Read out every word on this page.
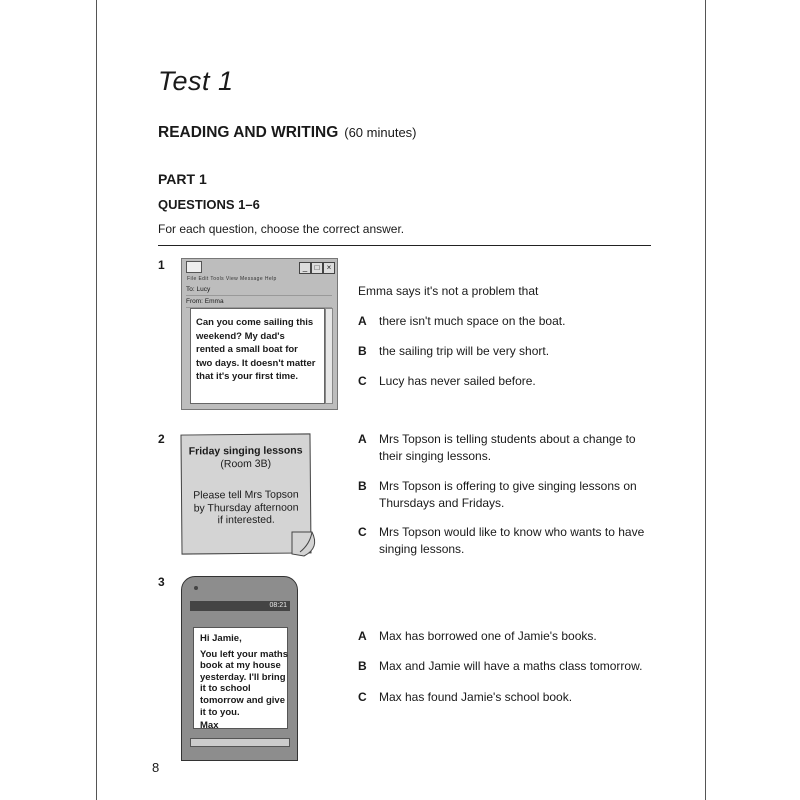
Test 1
READING AND WRITING (60 minutes)
PART 1
QUESTIONS 1–6
For each question, choose the correct answer.
1	_ □ ×
File Edit Tools View Message Help
To: Lucy
From: Emma
Can you come sailing this weekend? My dad's rented a small boat for two days. It doesn't matter that it's your first time.
Emma says it's not a problem that
A there isn't much space on the boat.
B the sailing trip will be very short.
C Lucy has never sailed before.
2
Friday singing lessons
(Room 3B)
Please tell Mrs Topson by Thursday afternoon if interested.
A Mrs Topson is telling students about a change to their singing lessons.
B Mrs Topson is offering to give singing lessons on Thursdays and Fridays.
C Mrs Topson would like to know who wants to have singing lessons.
3
08:21
Hi Jamie,
You left your maths book at my house yesterday. I'll bring it to school tomorrow and give it to you.
Max
A Max has borrowed one of Jamie's books.
B Max and Jamie will have a maths class tomorrow.
C Max has found Jamie's school book.
8
